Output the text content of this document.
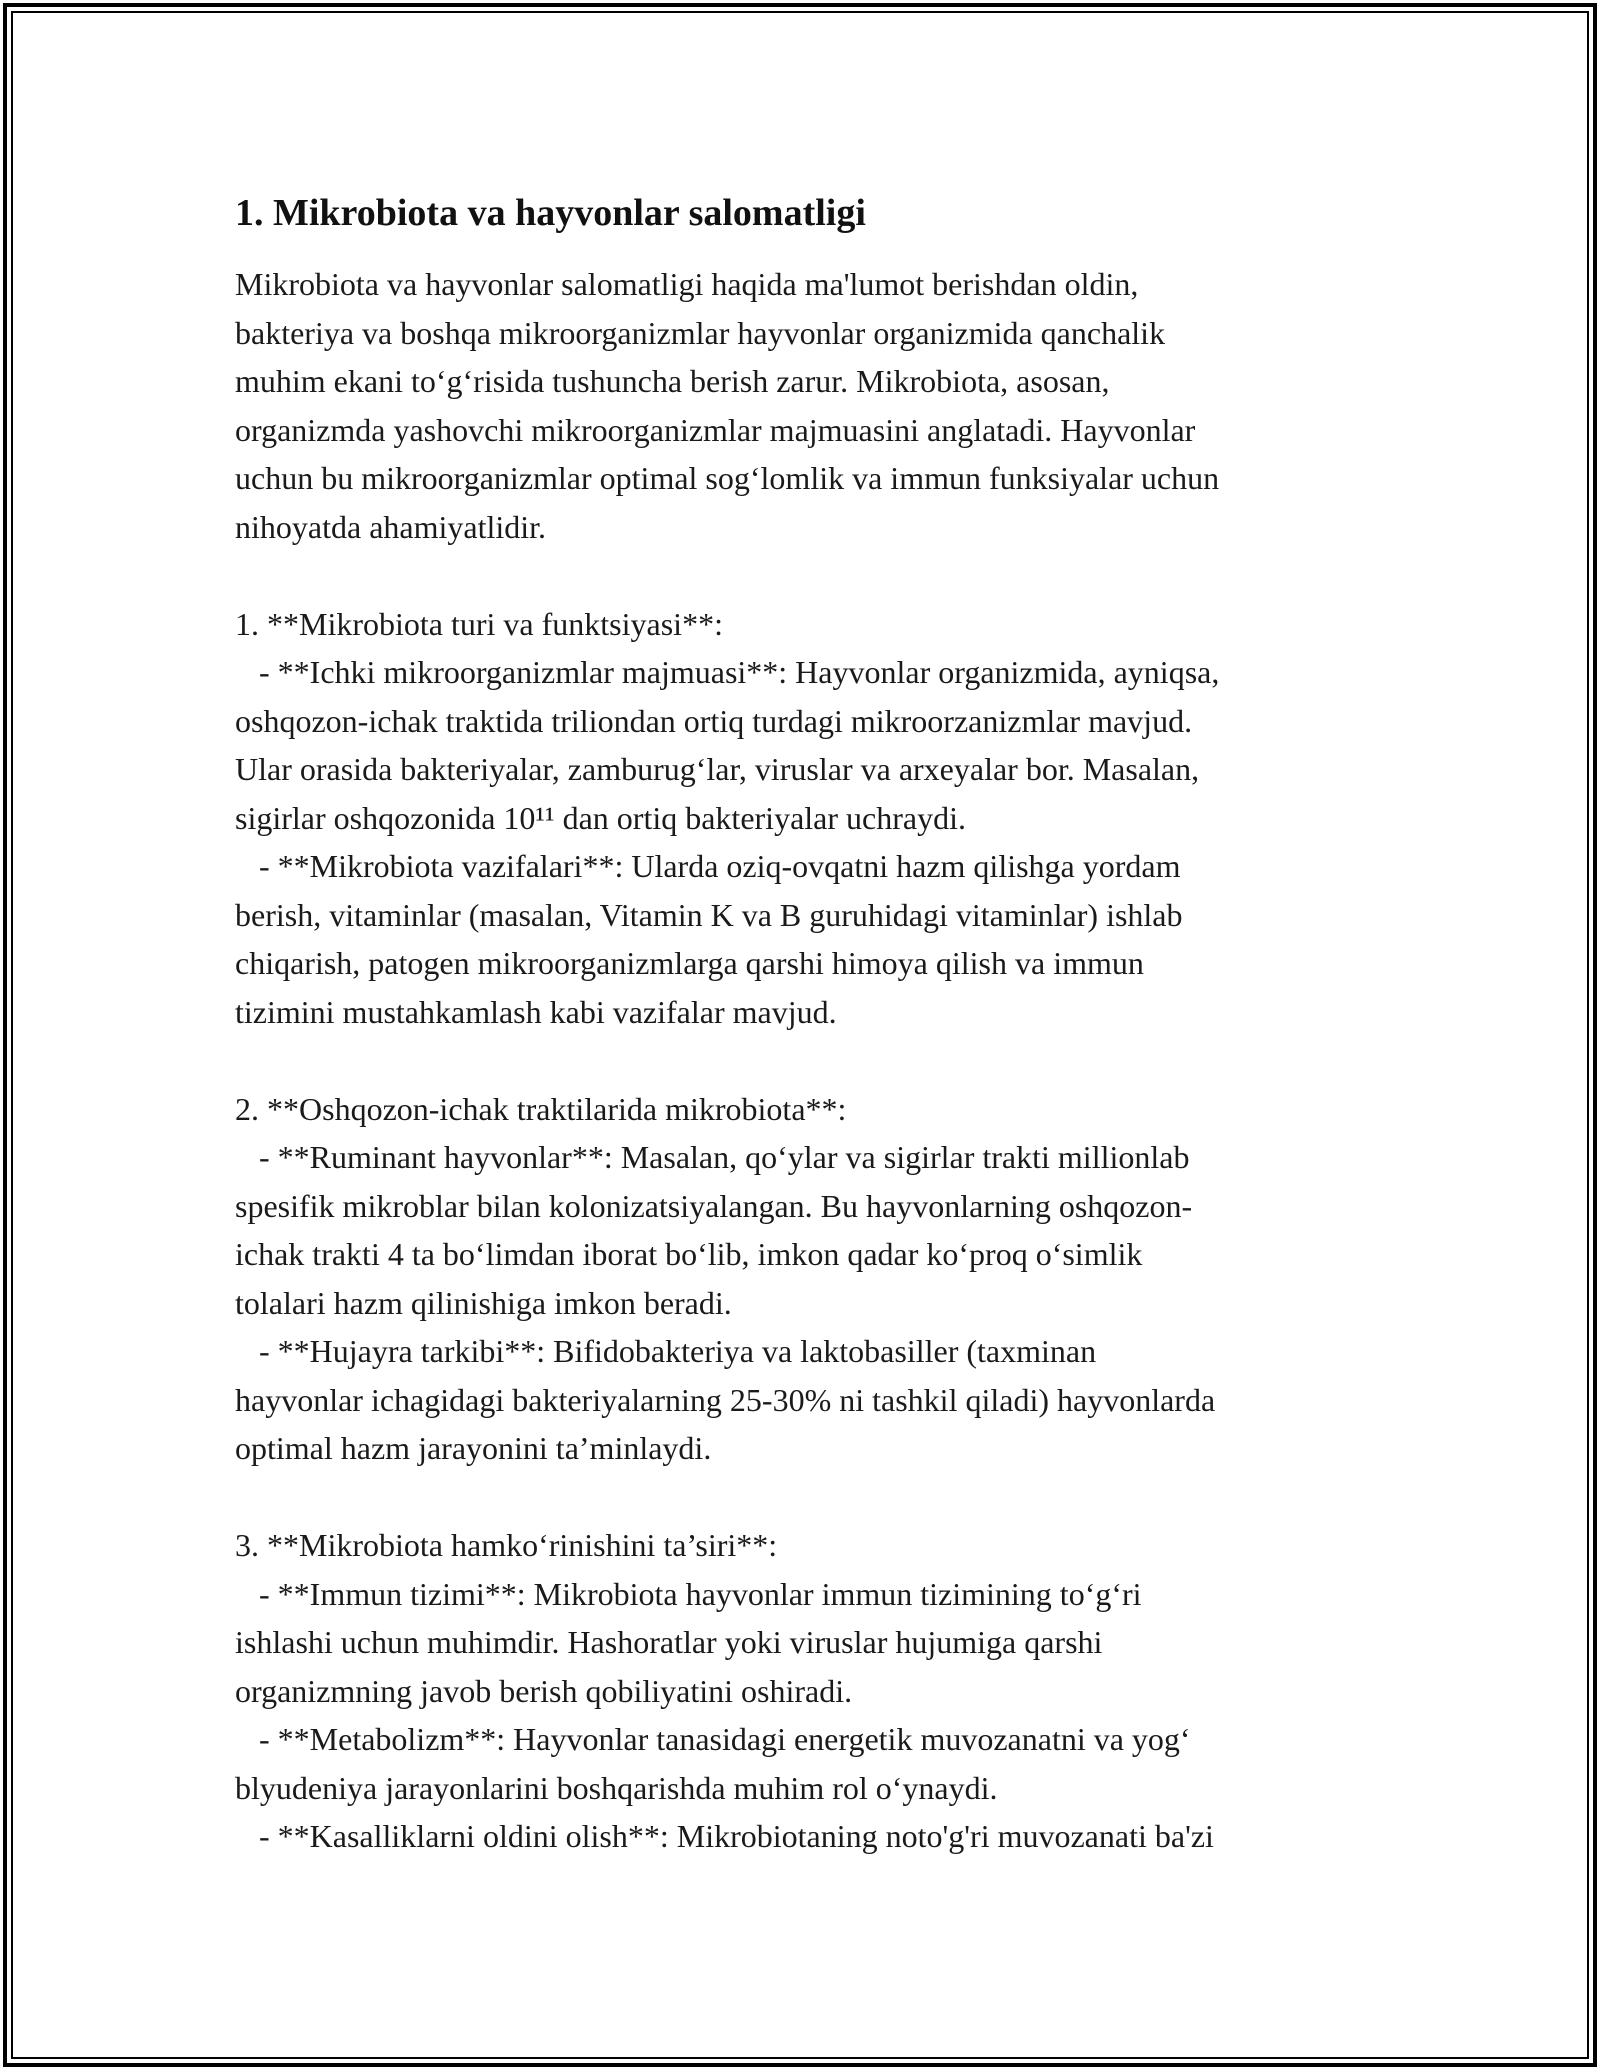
1. Mikrobiota va hayvonlar salomatligi

Mikrobiota va hayvonlar salomatligi haqida ma'lumot berishdan oldin,

bakteriya va boshqa mikroorganizmlar hayvonlar organizmida qanchalik

muhim ekani to‘g‘risida tushuncha berish zarur. Mikrobiota, asosan,

organizmda yashovchi mikroorganizmlar majmuasini anglatadi. Hayvonlar

uchun bu mikroorganizmlar optimal sog‘lomlik va immun funksiyalar uchun

nihoyatda ahamiyatlidir.

1. **Mikrobiota turi va funktsiyasi**:

- **Ichki mikroorganizmlar majmuasi**: Hayvonlar organizmida, ayniqsa,

oshqozon-ichak traktida triliondan ortiq turdagi mikroorzanizmlar mavjud.

Ular orasida bakteriyalar, zamburug‘lar, viruslar va arxeyalar bor. Masalan,

sigirlar oshqozonida 10¹¹ dan ortiq bakteriyalar uchraydi.

- **Mikrobiota vazifalari**: Ularda oziq-ovqatni hazm qilishga yordam

berish, vitaminlar (masalan, Vitamin K va B guruhidagi vitaminlar) ishlab

chiqarish, patogen mikroorganizmlarga qarshi himoya qilish va immun

tizimini mustahkamlash kabi vazifalar mavjud.

2. **Oshqozon-ichak traktilarida mikrobiota**:

- **Ruminant hayvonlar**: Masalan, qo‘ylar va sigirlar trakti millionlab

spesifik mikroblar bilan kolonizatsiyalangan. Bu hayvonlarning oshqozon-

ichak trakti 4 ta bo‘limdan iborat bo‘lib, imkon qadar ko‘proq o‘simlik

tolalari hazm qilinishiga imkon beradi.

- **Hujayra tarkibi**: Bifidobakteriya va laktobasiller (taxminan

hayvonlar ichagidagi bakteriyalarning 25-30% ni tashkil qiladi) hayvonlarda

optimal hazm jarayonini ta’minlaydi.

3. **Mikrobiota hamko‘rinishini ta’siri**:

- **Immun tizimi**: Mikrobiota hayvonlar immun tizimining to‘g‘ri

ishlashi uchun muhimdir. Hashoratlar yoki viruslar hujumiga qarshi

organizmning javob berish qobiliyatini oshiradi.

- **Metabolizm**: Hayvonlar tanasidagi energetik muvozanatni va yog‘

blyudeniya jarayonlarini boshqarishda muhim rol o‘ynaydi.

- **Kasalliklarni oldini olish**: Mikrobiotaning noto'g'ri muvozanati ba'zi
